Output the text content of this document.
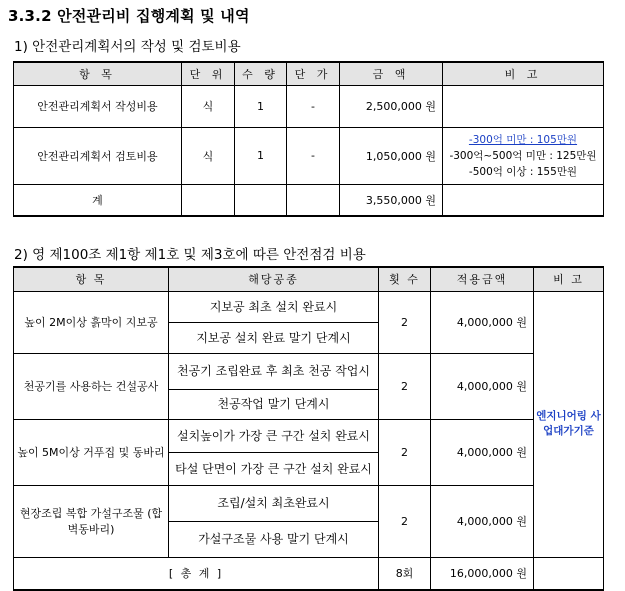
3.3.2 안전관리비 집행계획 및 내역
1) 안전관리계획서의 작성 및 검토비용
항 목	단 위	수 량	단 가	금 액	비 고
안전관리계획서 작성비용	식	1	-	2,500,000 원	
안전관리계획서 검토비용	식	1	-	1,050,000 원	-300억 미만 : 105만원
-300억~500억 미만 : 125만원
-500억 이상 : 155만원

계				3,550,000 원	
2) 영 제100조 제1항 제1호 및 제3호에 따른 안전점검 비용
항 목	해당공종	횟 수	적용금액	비 고
높이 2M이상 흙막이 지보공	지보공 최초 설치 완료시	2	4,000,000 원	엔지니어링 사업대가기준
	지보공 설치 완료 말기 단계시			
천공기를 사용하는 건설공사	천공기 조립완료 후 최초 천공 작업시	2	4,000,000 원	
	천공작업 말기 단계시			
높이 5M이상 거푸집 및 동바리	설치높이가 가장 큰 구간 설치 완료시	2	4,000,000 원	
	타설 단면이 가장 큰 구간 설치 완료시			
현장조립 복합 가설구조물 (합벽동바리)	조립/설치 최초완료시	2	4,000,000 원	
	가설구조물 사용 말기 단계시			
[ 총 계 ]		8회	16,000,000 원	
